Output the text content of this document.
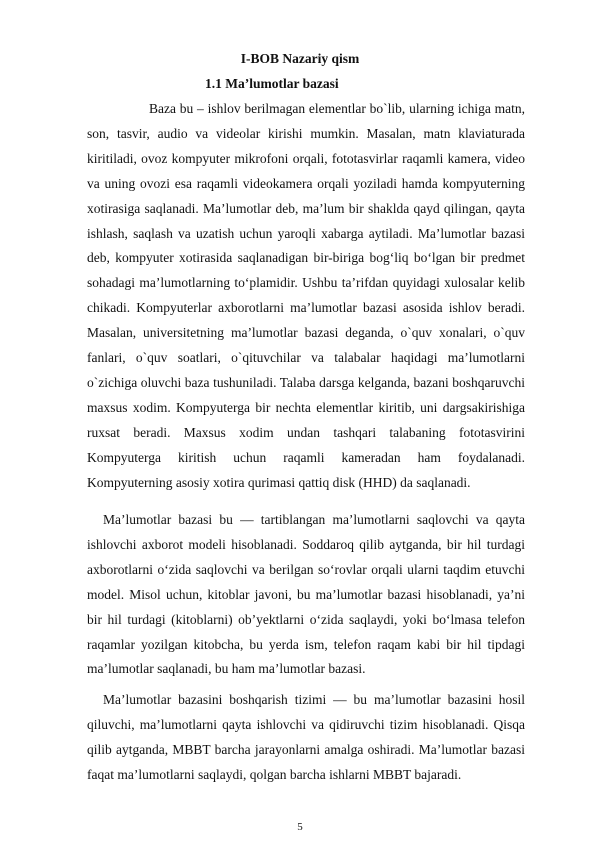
I-BOB Nazariy qism
1.1 Ma’lumotlar bazasi

Baza bu – ishlov berilmagan elementlar bo`lib, ularning ichiga matn, son, tasvir, audio va videolar kirishi mumkin. Masalan, matn klaviaturada kiritiladi, ovoz kompyuter mikrofoni orqali, fototasvirlar raqamli kamera, video va uning ovozi esa raqamli videokamera orqali yoziladi hamda kompyuterning xotirasiga saqlanadi. Ma’lumotlar deb, ma’lum bir shaklda qayd qilingan, qayta ishlash, saqlash va uzatish uchun yaroqli xabarga aytiladi. Ma’lumotlar bazasi deb, kompyuter xotirasida saqlanadigan bir-biriga bog‘liq bo‘lgan bir predmet sohadagi ma’lumotlarning to‘plamidir. Ushbu ta’rifdan quyidagi xulosalar kelib chikadi. Kompyuterlar axborotlarni ma’lumotlar bazasi asosida ishlov beradi. Masalan, universitetning ma’lumotlar bazasi deganda, o`quv xonalari, o`quv fanlari, o`quv soatlari, o`qituvchilar va talabalar haqidagi ma’lumotlarni o`zichiga oluvchi baza tushuniladi. Talaba darsga kelganda, bazani boshqaruvchi maxsus xodim. Kompyuterga bir nechta elementlar kiritib, uni dargsakirishiga ruxsat beradi. Maxsus xodim undan tashqari talabaning fototasvirini Kompyuterga kiritish uchun raqamli kameradan ham foydalanadi. Kompyuterning asosiy xotira qurimasi qattiq disk (HHD) da saqlanadi.

Ma’lumotlar bazasi bu — tartiblangan ma’lumotlarni saqlovchi va qayta ishlovchi axborot modeli hisoblanadi. Soddaroq qilib aytganda, bir hil turdagi axborotlarni o‘zida saqlovchi va berilgan so‘rovlar orqali ularni taqdim etuvchi model. Misol uchun, kitoblar javoni, bu ma’lumotlar bazasi hisoblanadi, ya’ni bir hil turdagi (kitoblarni) ob’yektlarni o‘zida saqlaydi, yoki bo‘lmasa telefon raqamlar yozilgan kitobcha, bu yerda ism, telefon raqam kabi bir hil tipdagi ma’lumotlar saqlanadi, bu ham ma’lumotlar bazasi.

Ma’lumotlar bazasini boshqarish tizimi — bu ma’lumotlar bazasini hosil qiluvchi, ma’lumotlarni qayta ishlovchi va qidiruvchi tizim hisoblanadi. Qisqa qilib aytganda, MBBT barcha jarayonlarni amalga oshiradi. Ma’lumotlar bazasi faqat ma’lumotlarni saqlaydi, qolgan barcha ishlarni MBBT bajaradi.

5
